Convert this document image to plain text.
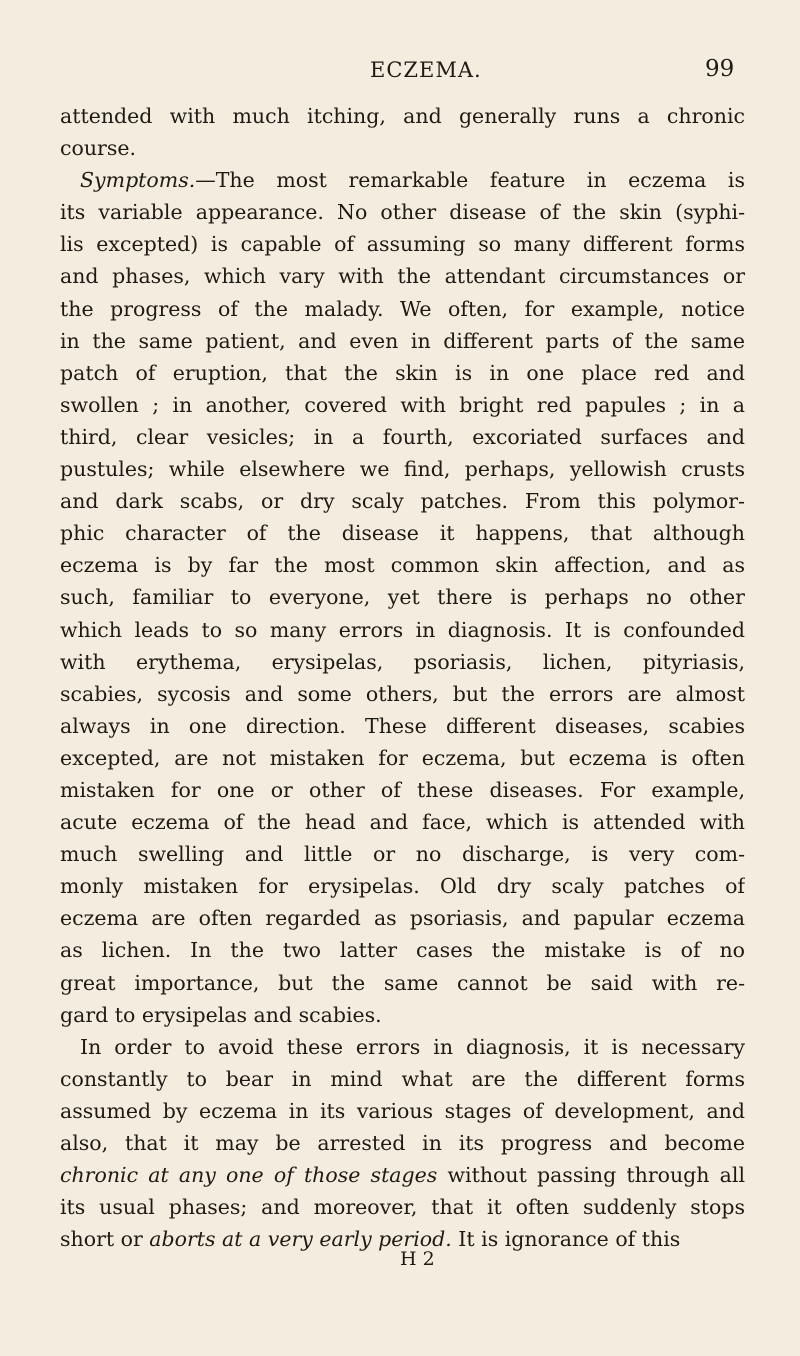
ECZEMA.	99
attended with much itching, and generally runs a chronic
course.
Symptoms.—The most remarkable feature in eczema is
its variable appearance. No other disease of the skin (syphi-
lis excepted) is capable of assuming so many different forms
and phases, which vary with the attendant circumstances or
the progress of the malady. We often, for example, notice
in the same patient, and even in different parts of the same
patch of eruption, that the skin is in one place red and
swollen ; in another, covered with bright red papules ; in a
third, clear vesicles; in a fourth, excoriated surfaces and
pustules; while elsewhere we find, perhaps, yellowish crusts
and dark scabs, or dry scaly patches. From this polymor-
phic character of the disease it happens, that although
eczema is by far the most common skin affection, and as
such, familiar to everyone, yet there is perhaps no other
which leads to so many errors in diagnosis. It is confounded
with erythema, erysipelas, psoriasis, lichen, pityriasis,
scabies, sycosis and some others, but the errors are almost
always in one direction. These different diseases, scabies
excepted, are not mistaken for eczema, but eczema is often
mistaken for one or other of these diseases. For example,
acute eczema of the head and face, which is attended with
much swelling and little or no discharge, is very com-
monly mistaken for erysipelas. Old dry scaly patches of
eczema are often regarded as psoriasis, and papular eczema
as lichen. In the two latter cases the mistake is of no
great importance, but the same cannot be said with re-
gard to erysipelas and scabies.
In order to avoid these errors in diagnosis, it is necessary
constantly to bear in mind what are the different forms
assumed by eczema in its various stages of development, and
also, that it may be arrested in its progress and become
chronic at any one of those stages without passing through all
its usual phases; and moreover, that it often suddenly stops
short or aborts at a very early period. It is ignorance of this
H 2
